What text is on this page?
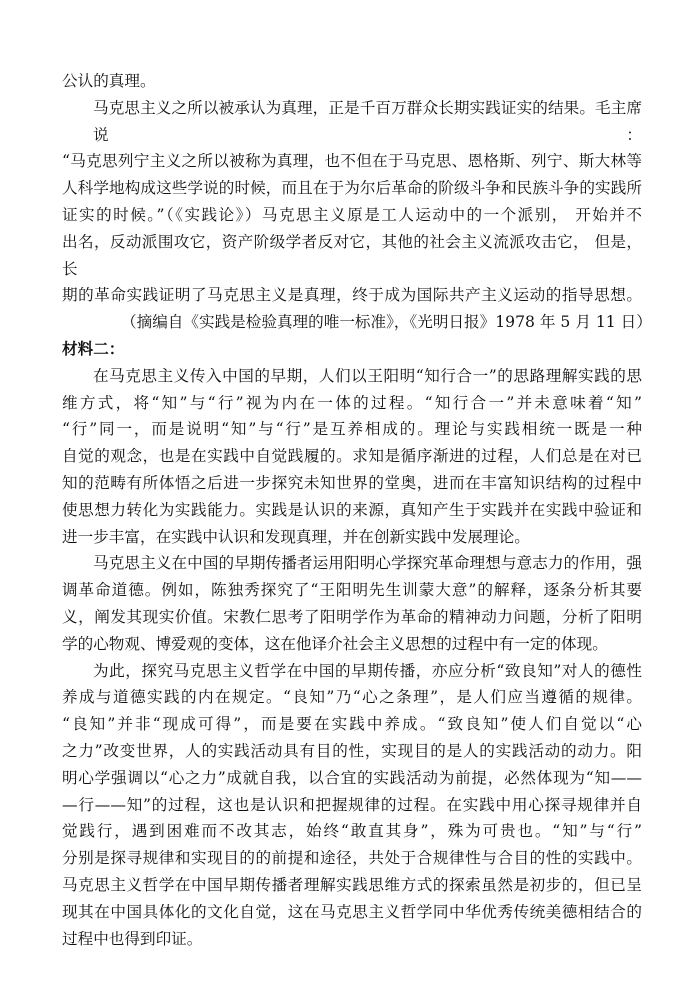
公认的真理。

马克思主义之所以被承认为真理，正是千百万群众长期实践证实的结果。毛主席说：

“马克思列宁主义之所以被称为真理，也不但在于马克思、恩格斯、列宁、斯大林等

人科学地构成这些学说的时候，而且在于为尔后革命的阶级斗争和民族斗争的实践所

证实的时候。”（《实践论》）马克思主义原是工人运动中的一个派别， 开始并不

出名，反动派围攻它，资产阶级学者反对它，其他的社会主义流派攻击它， 但是，长

期的革命实践证明了马克思主义是真理，终于成为国际共产主义运动的指导思想。

（摘编自《实践是检验真理的唯一标准》，《光明日报》1978 年 5 月 11 日）

材料二：

在马克思主义传入中国的早期，人们以王阳明“知行合一”的思路理解实践的思

维方式，将“知”与“行”视为内在一体的过程。“知行合一”并未意味着“知”

“行”同一，而是说明“知”与“行”是互养相成的。理论与实践相统一既是一种

自觉的观念，也是在实践中自觉践履的。求知是循序渐进的过程，人们总是在对已

知的范畴有所体悟之后进一步探究未知世界的堂奥，进而在丰富知识结构的过程中

使思想力转化为实践能力。实践是认识的来源，真知产生于实践并在实践中验证和

进一步丰富，在实践中认识和发现真理，并在创新实践中发展理论。

马克思主义在中国的早期传播者运用阳明心学探究革命理想与意志力的作用，强

调革命道德。例如，陈独秀探究了“王阳明先生训蒙大意”的解释，逐条分析其要

义，阐发其现实价值。宋教仁思考了阳明学作为革命的精神动力问题，分析了阳明

学的心物观、博爱观的变体，这在他译介社会主义思想的过程中有一定的体现。

为此，探究马克思主义哲学在中国的早期传播，亦应分析“致良知”对人的德性

养成与道德实践的内在规定。“良知”乃“心之条理”，是人们应当遵循的规律。

“良知”并非“现成可得”，而是要在实践中养成。“致良知”使人们自觉以“心

之力”改变世界，人的实践活动具有目的性，实现目的是人的实践活动的动力。阳

明心学强调以“心之力”成就自我，以合宜的实践活动为前提，必然体现为“知——

—行——知”的过程，这也是认识和把握规律的过程。在实践中用心探寻规律并自

觉践行，遇到困难而不改其志，始终“敢直其身”，殊为可贵也。“知”与“行”

分别是探寻规律和实现目的的前提和途径，共处于合规律性与合目的性的实践中。

马克思主义哲学在中国早期传播者理解实践思维方式的探索虽然是初步的，但已呈

现其在中国具体化的文化自觉，这在马克思主义哲学同中华优秀传统美德相结合的

过程中也得到印证。
